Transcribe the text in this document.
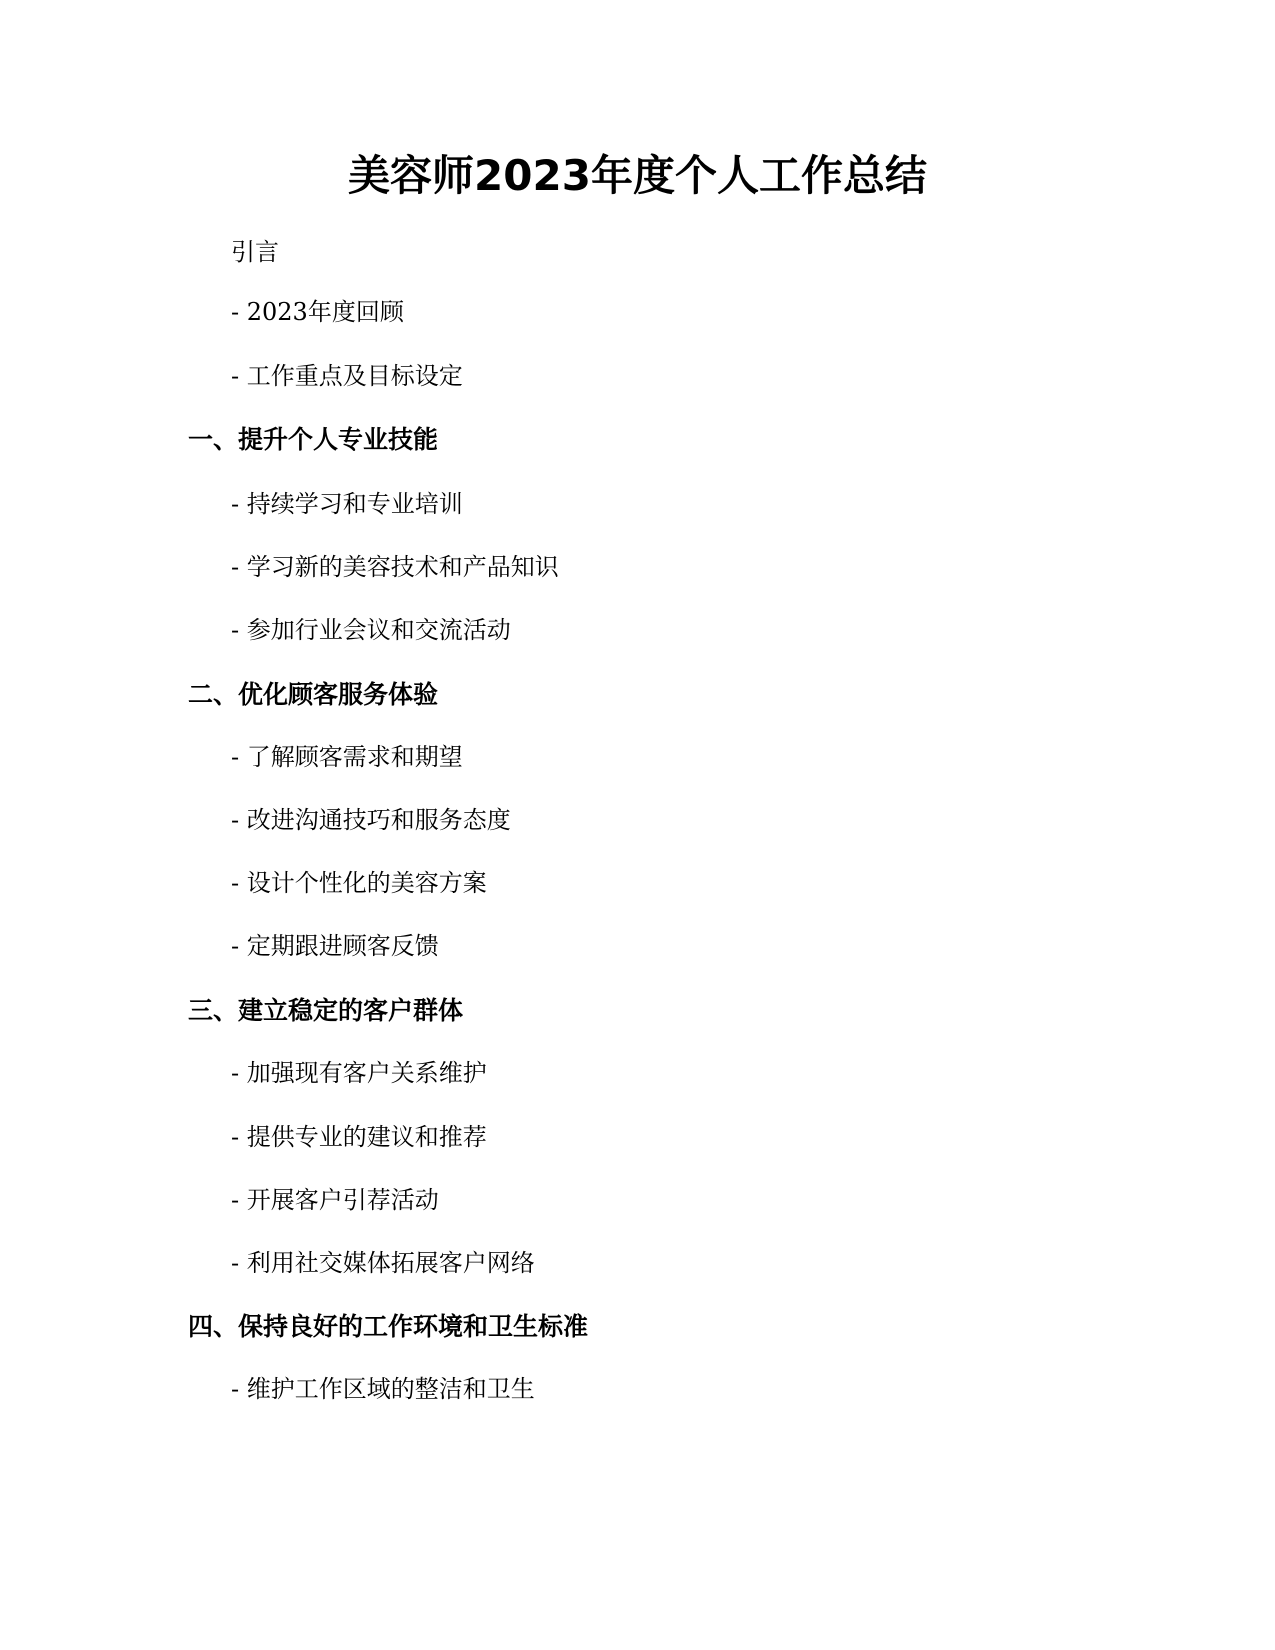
美容师2023年度个人工作总结
引言
- 2023年度回顾
- 工作重点及目标设定
一、提升个人专业技能
- 持续学习和专业培训
- 学习新的美容技术和产品知识
- 参加行业会议和交流活动
二、优化顾客服务体验
- 了解顾客需求和期望
- 改进沟通技巧和服务态度
- 设计个性化的美容方案
- 定期跟进顾客反馈
三、建立稳定的客户群体
- 加强现有客户关系维护
- 提供专业的建议和推荐
- 开展客户引荐活动
- 利用社交媒体拓展客户网络
四、保持良好的工作环境和卫生标准
- 维护工作区域的整洁和卫生
